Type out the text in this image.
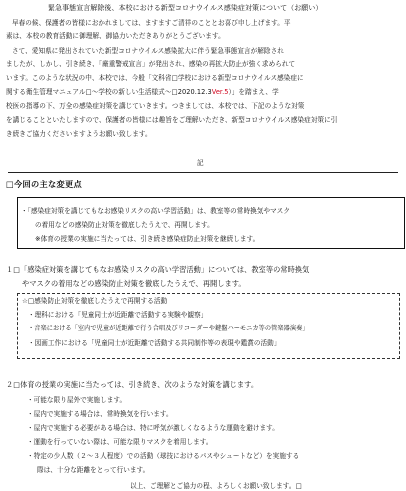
緊急事態宣言解除後、本校における新型コロナウイルス感染症対策について（お願い）
早春の候、保護者の皆様におかれましては、ますますご清祥のこととお喜び申し上げます。平
素は、本校の教育活動に御理解、御協力いただきありがとうございます。
さて、愛知県に発出されていた新型コロナウイルス感染拡大に伴う緊急事態宣言が解除され
ましたが、しかし、引き続き、「厳重警戒宣言」が発出され、感染の再拡大防止が強く求められて
います。このような状況の中、本校では、今般「文科省□学校における新型コロナウイルス感染症に
関する衛生管理マニュアル□～学校の新しい生活様式～□2020.12.3Ver.5）」を踏まえ、学
校医の指導の下、万全の感染症対策を講じていきます。つきましては、本校では、下記のような対策
を講じることといたしますので、保護者の皆様には趣旨をご理解いただき、新型コロナウイルス感染症対策に引
き続きご協力くださいますようお願い致します。
記
□今回の主な変更点
・「感染症対策を講じてもなお感染リスクの高い学習活動」は、教室等の常時換気やマスク
の着用などの感染防止対策を徹底したうえで、再開します。
※体育の授業の実施に当たっては、引き続き感染症防止対策を継続します。
１□「感染症対策を講じてもなお感染リスクの高い学習活動」については、教室等の常時換気
やマスクの着用などの感染防止対策を徹底したうえで、再開します。
☆□感染防止対策を徹底したうえで再開する活動
・理科における「児童同士が近距離で活動する実験や観察」
・音楽における「室内で児童が近距離で行う合唱及びリコーダーや鍵盤ハーモニカ等の管楽器演奏」
・図画工作における「児童同士が近距離で活動する共同制作等の表現や鑑賞の活動」
２□体育の授業の実施に当たっては、引き続き、次のような対策を講じます。
・可能な限り屋外で実施します。
・屋内で実施する場合は、常時換気を行います。
・屋内で実施する必要がある場合は、特に呼気が激しくなるような運動を避けます。
・運動を行っていない際は、可能な限りマスクを着用します。
・特定の少人数（２～３人程度）での活動（球技におけるパスやシュートなど）を実施する
際は、十分な距離をとって行います。
以上、ご理解とご協力の程、よろしくお願い致します。□
